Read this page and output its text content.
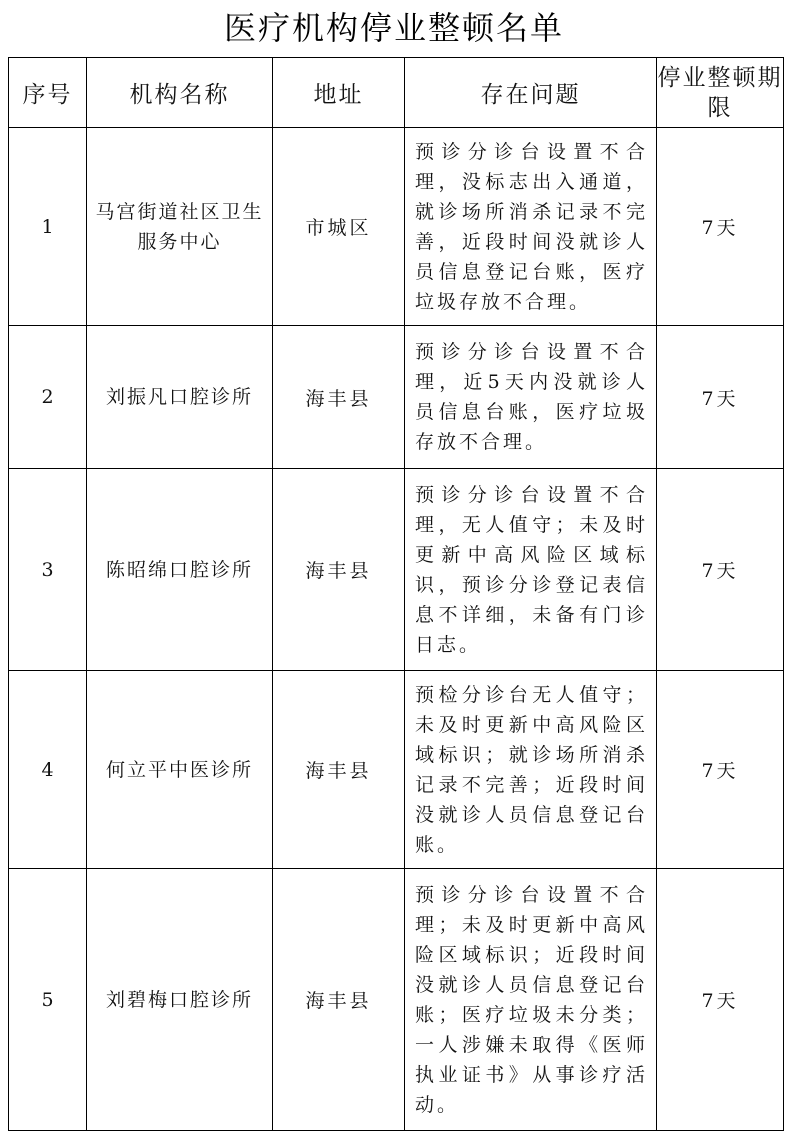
医疗机构停业整顿名单
序号	机构名称	地址	存在问题	停业整顿期限
1	马宫街道社区卫生服务中心	市城区	预诊分诊台设置不合理，没标志出入通道，就诊场所消杀记录不完善，近段时间没就诊人员信息登记台账，医疗垃圾存放不合理。	7天
2	刘振凡口腔诊所	海丰县	预诊分诊台设置不合理，近5天内没就诊人员信息台账，医疗垃圾存放不合理。	7天
3	陈昭绵口腔诊所	海丰县	预诊分诊台设置不合理，无人值守；未及时更新中高风险区域标识，预诊分诊登记表信息不详细，未备有门诊日志。	7天
4	何立平中医诊所	海丰县	预检分诊台无人值守；未及时更新中高风险区域标识；就诊场所消杀记录不完善；近段时间没就诊人员信息登记台账。	7天
5	刘碧梅口腔诊所	海丰县	预诊分诊台设置不合理；未及时更新中高风险区域标识；近段时间没就诊人员信息登记台账；医疗垃圾未分类；一人涉嫌未取得《医师执业证书》从事诊疗活动。	7天
